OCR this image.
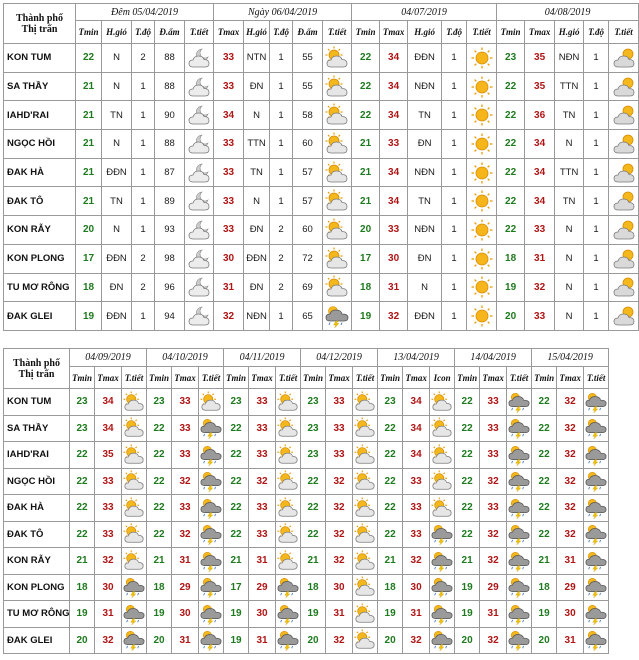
Thành phố
Thị trấn	Đêm 05/04/2019					Ngày 06/04/2019					04/07/2019					04/08/2019				
	Tmin	H.gió	T.độ	Đ.ẩm	T.tiết	Tmax	H.gió	T.độ	Đ.ẩm	T.tiết	Tmin	Tmax	H.gió	T.độ	T.tiết	Tmin	Tmax	H.gió	T.độ	T.tiết
KON TUM	22	N	2	88		33	NTN	1	55		22	34	ĐĐN	1		23	35	NĐN	1	

SA THẦY	21	N	1	88		33	ĐN	1	55		22	34	NĐN	1		22	35	TTN	1	

IAHD'RAI	21	TN	1	90		34	N	1	58		22	34	TN	1		22	36	TN	1	

NGỌC HỒI	21	N	1	88		33	TTN	1	60		21	33	ĐN	1		22	34	N	1	

ĐAK HÀ	21	ĐĐN	1	87		33	TN	1	57		21	34	NĐN	1		22	34	TTN	1	

ĐAK TÔ	21	TN	1	89		33	N	1	57		21	34	TN	1		22	34	TN	1	

KON RẪY	20	N	1	93		33	ĐN	2	60		20	33	NĐN	1		22	33	N	1	

KON PLONG	17	ĐĐN	2	98		30	ĐĐN	2	72		17	30	ĐN	1		18	31	N	1	

TU MƠ RÔNG	18	ĐN	2	96		31	ĐN	2	69		18	31	N	1		19	32	N	1	

ĐAK GLEI	19	ĐĐN	1	94		32	NĐN	1	65		19	32	ĐĐN	1		20	33	N	1	
Thành phố
Thị trấn	04/09/2019			04/10/2019			04/11/2019			04/12/2019			13/04/2019			14/04/2019			15/04/2019		
	Tmin	Tmax	T.tiết	Tmin	Tmax	T.tiết	Tmin	Tmax	T.tiết	Tmin	Tmax	T.tiết	Tmin	Tmax	Icon	Tmin	Tmax	T.tiết	Tmin	Tmax	T.tiết
KON TUM	23	34		23	33		23	33		23	33		23	34		22	33		22	32	

SA THẦY	23	34		22	33		22	33		23	33		22	34		22	33		22	32	

IAHD'RAI	22	35		22	33		22	33		23	33		22	34		22	33		22	32	

NGỌC HỒI	22	33		22	32		22	32		22	32		22	33		22	32		22	32	

ĐAK HÀ	22	33		22	33		22	33		22	32		22	33		22	33		22	32	

ĐAK TÔ	22	33		22	32		22	33		22	32		22	33		22	32		22	32	

KON RẪY	21	32		21	31		21	31		21	32		21	32		21	32		21	31	

KON PLONG	18	30		18	29		17	29		18	30		18	30		19	29		18	29	

TU MƠ RÔNG	19	31		19	30		19	30		19	31		19	31		19	31		19	30	

ĐAK GLEI	20	32		20	31		19	31		20	32		20	32		20	32		20	31	
